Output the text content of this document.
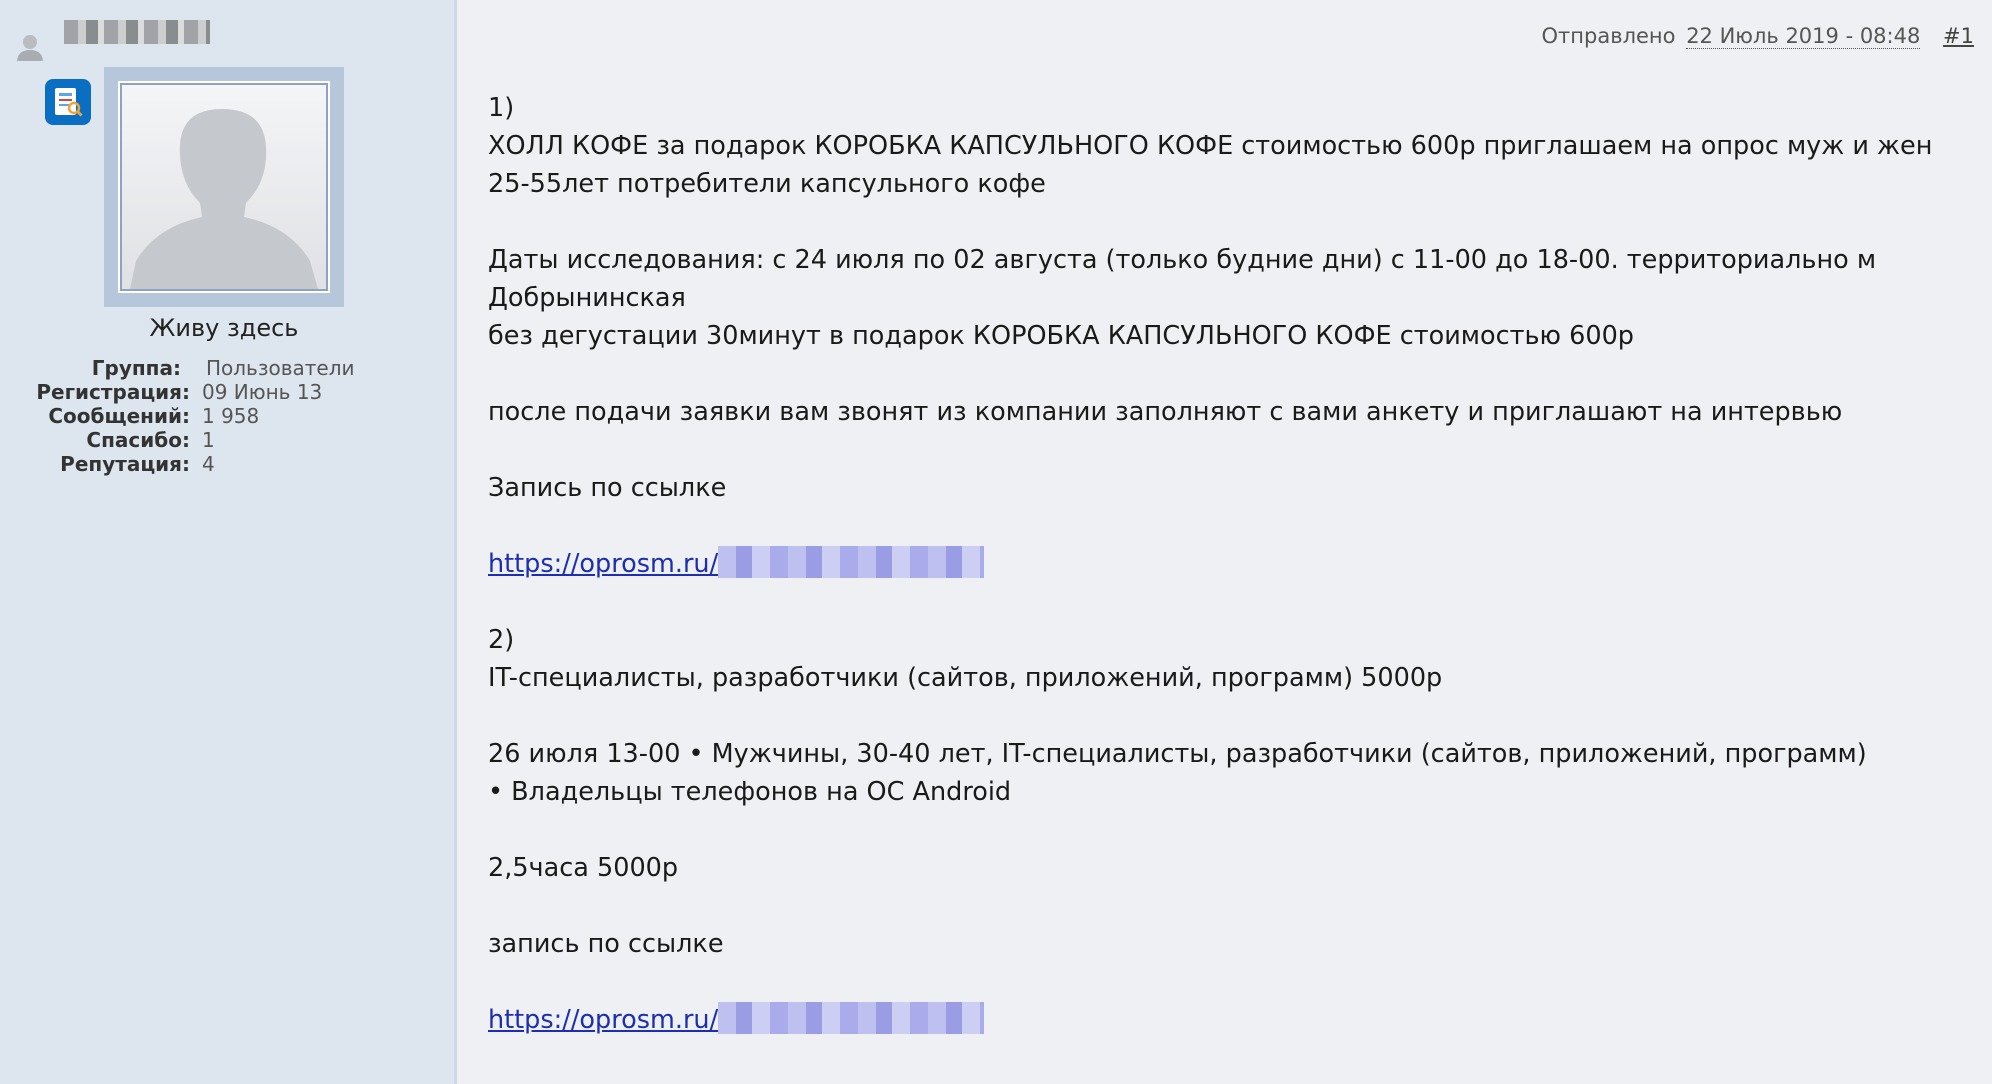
Живу здесь
Группа: Пользователи
Регистрация: 09 Июнь 13
Сообщений: 1 958
Спасибо: 1
Репутация: 4
Отправлено 22 Июль 2019 - 08:48 #1

1)

ХОЛЛ КОФЕ за подарок КОРОБКА КАПСУЛЬНОГО КОФЕ стоимостью 600р приглашаем на опрос муж и жен

25-55лет потребители капсульного кофе

Даты исследования: с 24 июля по 02 августа (только будние дни) с 11-00 до 18-00. территориально м

Добрынинская

без дегустации 30минут в подарок КОРОБКА КАПСУЛЬНОГО КОФЕ стоимостью 600р

после подачи заявки вам звонят из компании заполняют с вами анкету и приглашают на интервью

Запись по ссылке

https://oprosm.ru/

2)

IT-специалисты, разработчики (сайтов, приложений, программ) 5000р

26 июля 13-00 • Мужчины, 30-40 лет, IT-специалисты, разработчики (сайтов, приложений, программ)

• Владельцы телефонов на ОС Android

2,5часа 5000р

запись по ссылке

https://oprosm.ru/
